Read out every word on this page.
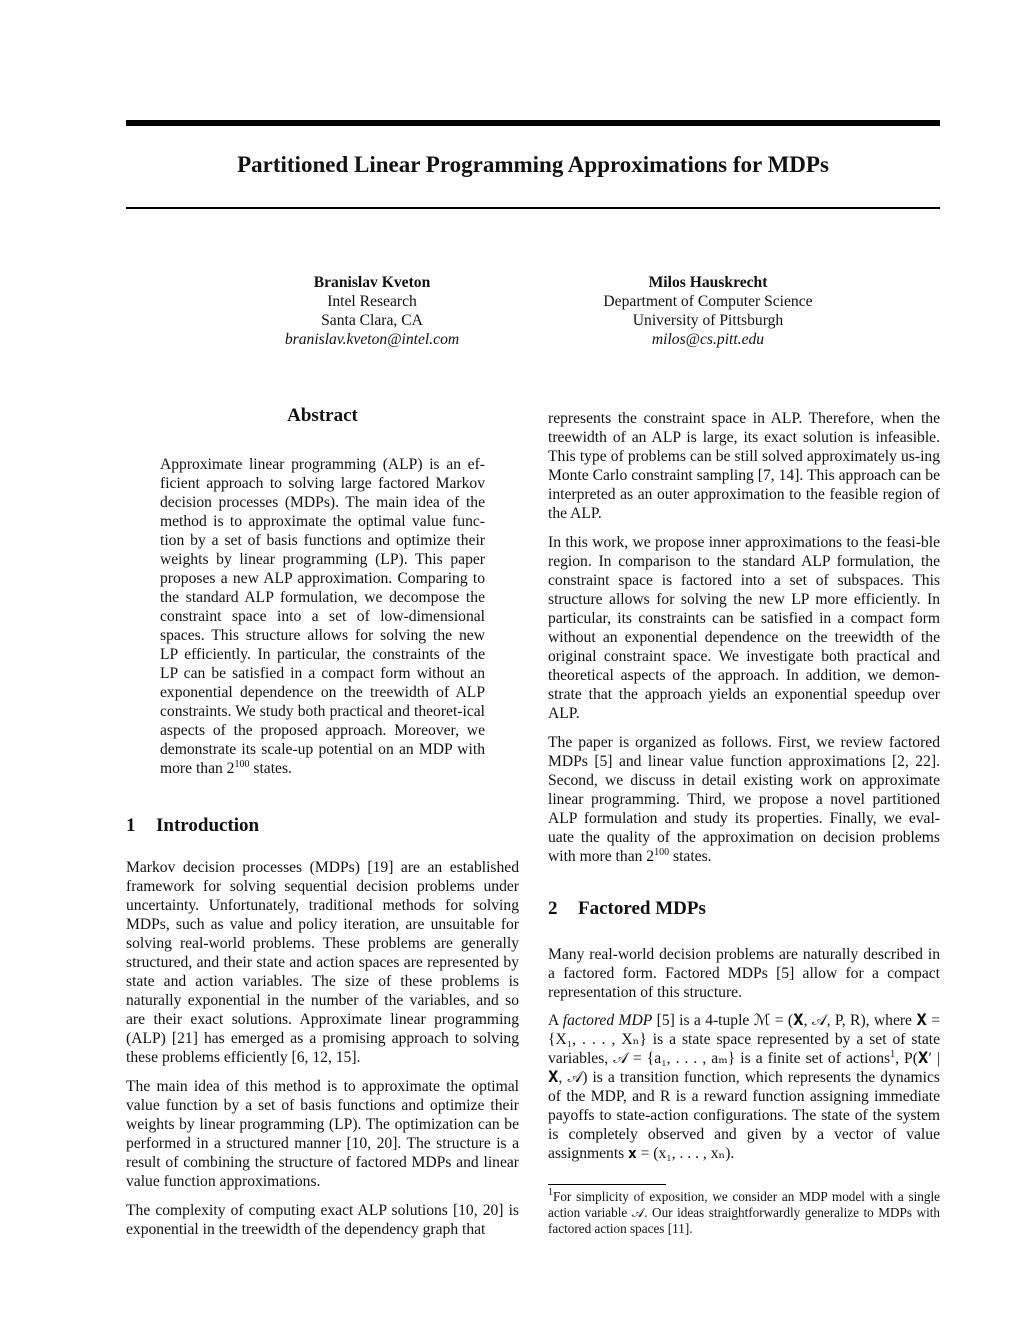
Partitioned Linear Programming Approximations for MDPs
Branislav Kveton
Intel Research
Santa Clara, CA
branislav.kveton@intel.com
Milos Hauskrecht
Department of Computer Science
University of Pittsburgh
milos@cs.pitt.edu
Abstract

Approximate linear programming (ALP) is an ef-ficient approach to solving large factored Markov decision processes (MDPs). The main idea of the method is to approximate the optimal value func-tion by a set of basis functions and optimize their weights by linear programming (LP). This paper proposes a new ALP approximation. Comparing to the standard ALP formulation, we decompose the constraint space into a set of low-dimensional spaces. This structure allows for solving the new LP efficiently. In particular, the constraints of the LP can be satisfied in a compact form without an exponential dependence on the treewidth of ALP constraints. We study both practical and theoret-ical aspects of the proposed approach. Moreover, we demonstrate its scale-up potential on an MDP with more than $2^{100}$ states.

1 Introduction

Markov decision processes (MDPs) [19] are an established framework for solving sequential decision problems under uncertainty. Unfortunately, traditional methods for solving MDPs, such as value and policy iteration, are unsuitable for solving real-world problems. These problems are generally structured, and their state and action spaces are represented by state and action variables. The size of these problems is naturally exponential in the number of the variables, and so are their exact solutions. Approximate linear programming (ALP) [21] has emerged as a promising approach to solving these problems efficiently [6, 12, 15].

The main idea of this method is to approximate the optimal value function by a set of basis functions and optimize their weights by linear programming (LP). The optimization can be performed in a structured manner [10, 20]. The structure is a result of combining the structure of factored MDPs and linear value function approximations.

The complexity of computing exact ALP solutions [10, 20] is exponential in the treewidth of the dependency graph that

represents the constraint space in ALP. Therefore, when the treewidth of an ALP is large, its exact solution is infeasible. This type of problems can be still solved approximately us-ing Monte Carlo constraint sampling [7, 14]. This approach can be interpreted as an outer approximation to the feasible region of the ALP.

In this work, we propose inner approximations to the feasi-ble region. In comparison to the standard ALP formulation, the constraint space is factored into a set of subspaces. This structure allows for solving the new LP more efficiently. In particular, its constraints can be satisfied in a compact form without an exponential dependence on the treewidth of the original constraint space. We investigate both practical and theoretical aspects of the approach. In addition, we demon-strate that the approach yields an exponential speedup over ALP.

The paper is organized as follows. First, we review factored MDPs [5] and linear value function approximations [2, 22]. Second, we discuss in detail existing work on approximate linear programming. Third, we propose a novel partitioned ALP formulation and study its properties. Finally, we eval-uate the quality of the approximation on decision problems with more than $2^{100}$ states.

2 Factored MDPs

Many real-world decision problems are naturally described in a factored form. Factored MDPs [5] allow for a compact representation of this structure.

A factored MDP [5] is a 4-tuple ℳ = (𝐗, 𝒜, P, R), where 𝐗 = {X₁, . . . , Xₙ} is a state space represented by a set of state variables, 𝒜 = {a₁, . . . , aₘ} is a finite set of actions$^1$, P(𝐗′ | 𝐗, 𝒜) is a transition function, which represents the dynamics of the MDP, and R is a reward function assigning immediate payoffs to state-action configurations. The state of the system is completely observed and given by a vector of value assignments 𝐱 = (x₁, . . . , xₙ).

$^1$For simplicity of exposition, we consider an MDP model with a single action variable 𝒜. Our ideas straightforwardly generalize to MDPs with factored action spaces [11].
